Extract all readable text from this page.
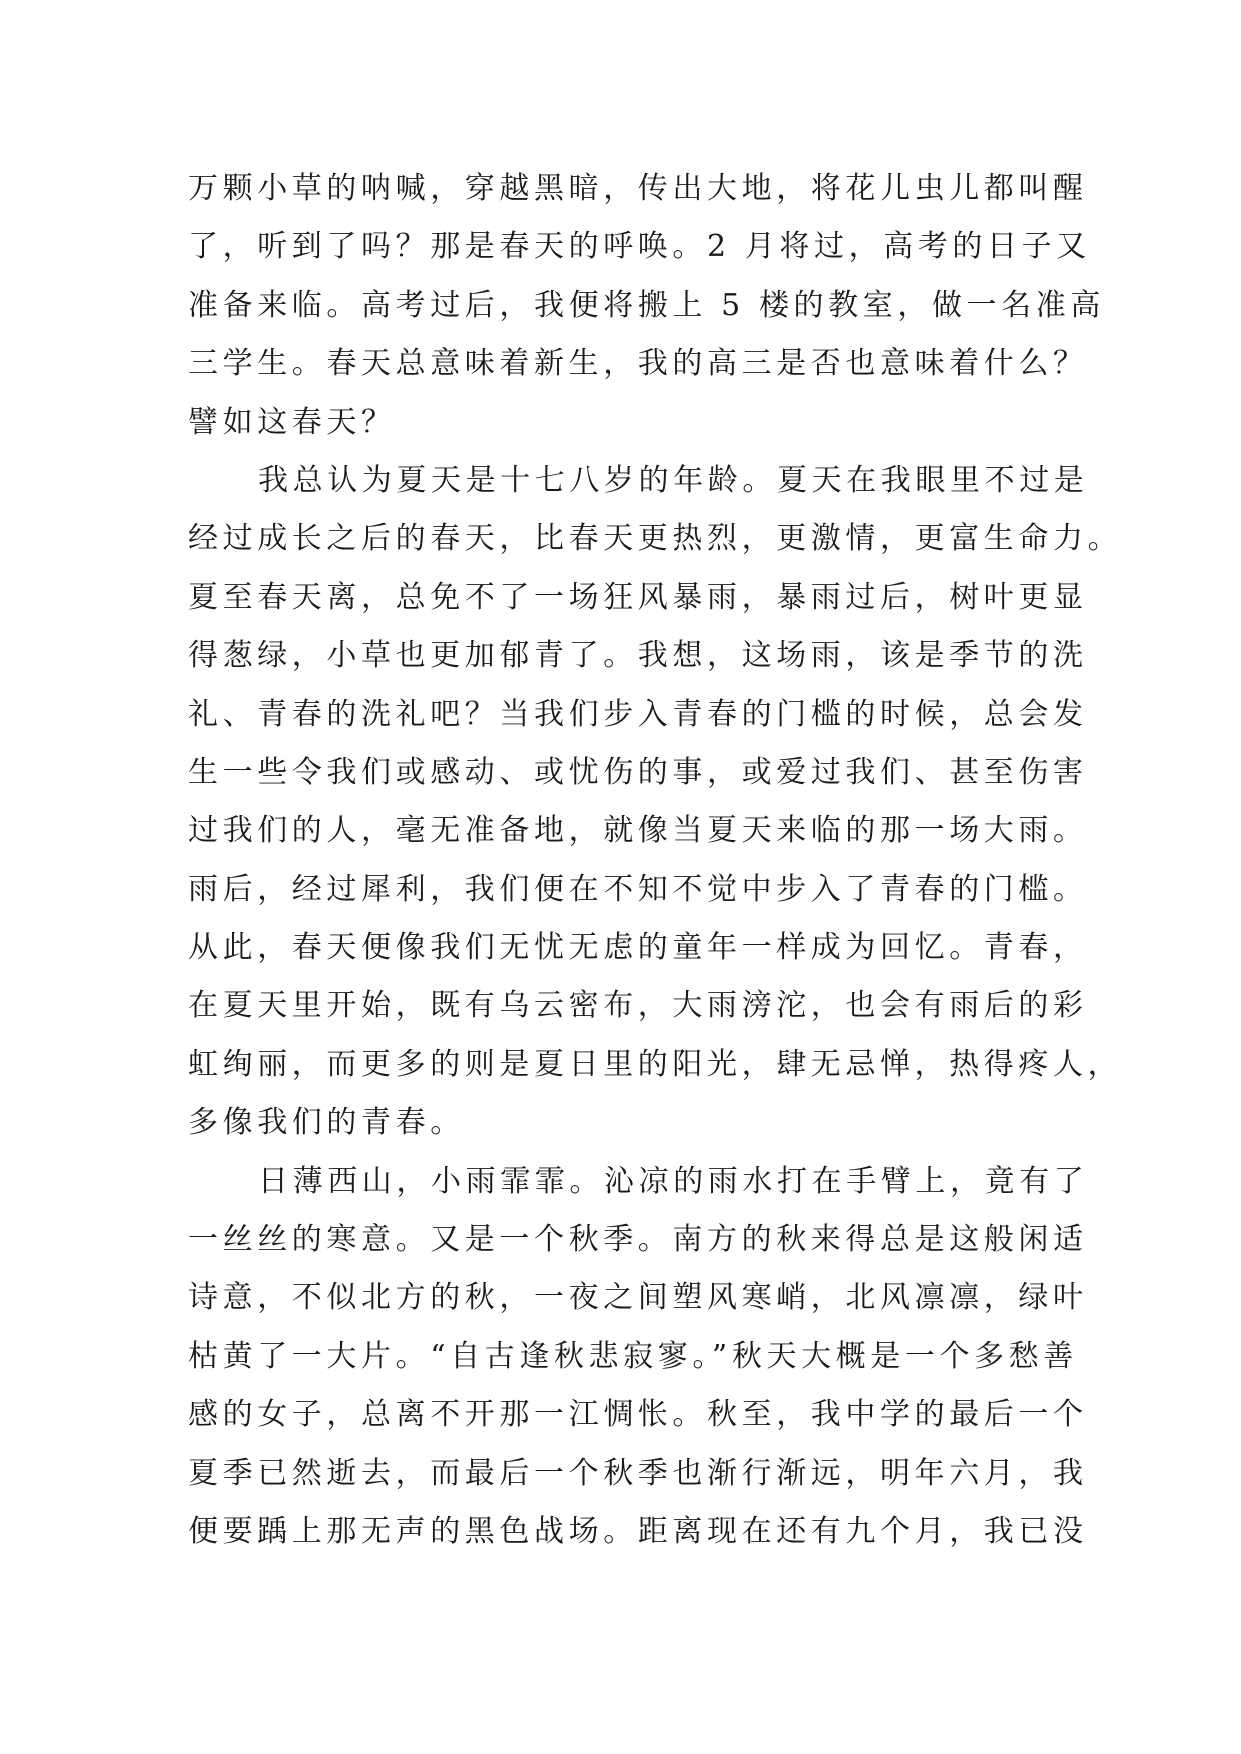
万颗小草的呐喊，穿越黑暗，传出大地，将花儿虫儿都叫醒
了，听到了吗？那是春天的呼唤。2 月将过，高考的日子又
准备来临。高考过后，我便将搬上 5 楼的教室，做一名准高
三学生。春天总意味着新生，我的高三是否也意味着什么？
譬如这春天？
我总认为夏天是十七八岁的年龄。夏天在我眼里不过是
经过成长之后的春天，比春天更热烈，更激情，更富生命力。
夏至春天离，总免不了一场狂风暴雨，暴雨过后，树叶更显
得葱绿，小草也更加郁青了。我想，这场雨，该是季节的洗
礼、青春的洗礼吧？当我们步入青春的门槛的时候，总会发
生一些令我们或感动、或忧伤的事，或爱过我们、甚至伤害
过我们的人，毫无准备地，就像当夏天来临的那一场大雨。
雨后，经过犀利，我们便在不知不觉中步入了青春的门槛。
从此，春天便像我们无忧无虑的童年一样成为回忆。青春，
在夏天里开始，既有乌云密布，大雨滂沱，也会有雨后的彩
虹绚丽，而更多的则是夏日里的阳光，肆无忌惮，热得疼人，
多像我们的青春。
日薄西山，小雨霏霏。沁凉的雨水打在手臂上，竟有了
一丝丝的寒意。又是一个秋季。南方的秋来得总是这般闲适
诗意，不似北方的秋，一夜之间塑风寒峭，北风凛凛，绿叶
枯黄了一大片。“自古逢秋悲寂寥。”秋天大概是一个多愁善
感的女子，总离不开那一江惆怅。秋至，我中学的最后一个
夏季已然逝去，而最后一个秋季也渐行渐远，明年六月，我
便要踽上那无声的黑色战场。距离现在还有九个月，我已没
